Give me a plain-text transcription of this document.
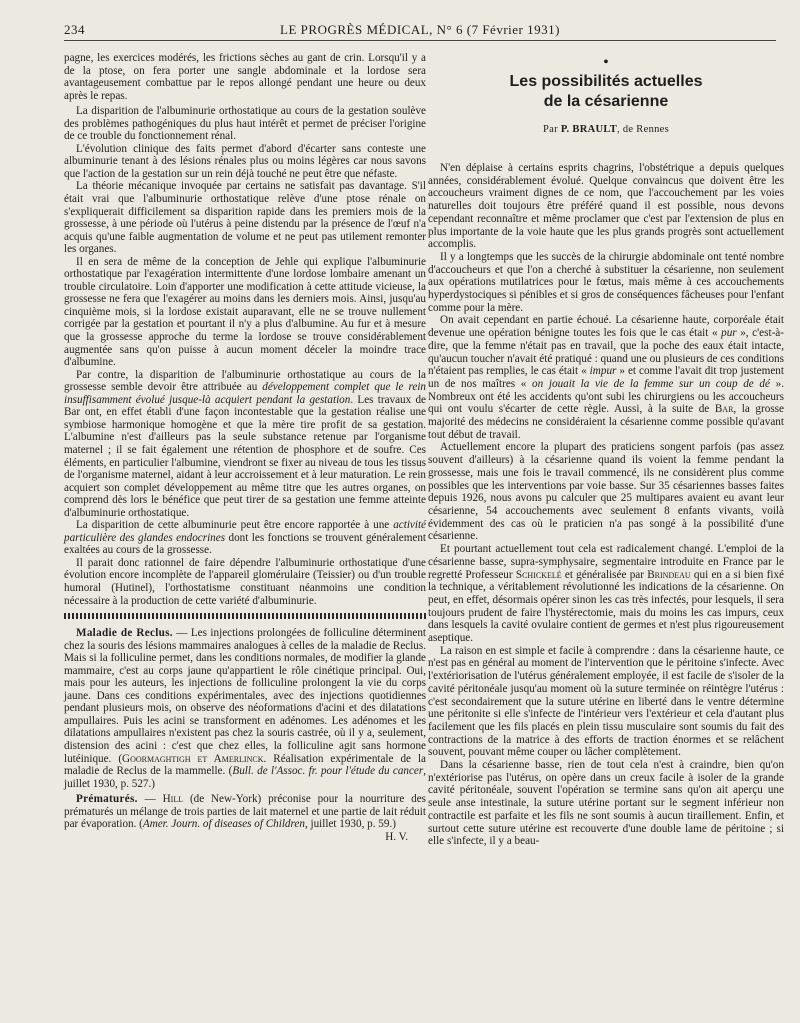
234	LE PROGRÈS MÉDICAL, N° 6 (7 Février 1931)

pagne, les exercices modérés, les frictions sèches au gant de crin. Lorsqu'il y a de la ptose, on fera porter une sangle abdominale et la lordose sera avantageusement combattue par le repos allongé pendant une heure ou deux après le repas.

La disparition de l'albuminurie orthostatique au cours de la gestation soulève des problèmes pathogéniques du plus haut intérêt et permet de préciser l'origine de ce trouble du fonctionnement rénal.

L'évolution clinique des faits permet d'abord d'écarter sans conteste une albuminurie tenant à des lésions rénales plus ou moins légères car nous savons que l'action de la gestation sur un rein déjà touché ne peut être que néfaste.

La théorie mécanique invoquée par certains ne satisfait pas davantage. S'il était vrai que l'albuminurie orthostatique relève d'une ptose rénale on s'expliquerait difficilement sa disparition rapide dans les premiers mois de la grossesse, à une période où l'utérus à peine distendu par la présence de l'œuf n'a acquis qu'une faible augmentation de volume et ne peut pas utilement remonter les organes.

Il en sera de même de la conception de Jehle qui explique l'albuminurie orthostatique par l'exagération intermittente d'une lordose lombaire amenant un trouble circulatoire. Loin d'apporter une modification à cette attitude vicieuse, la grossesse ne fera que l'exagérer au moins dans les derniers mois. Ainsi, jusqu'au cinquième mois, si la lordose existait auparavant, elle ne se trouve nullement corrigée par la gestation et pourtant il n'y a plus d'albumine. Au fur et à mesure que la grossesse approche du terme la lordose se trouve considérablement augmentée sans qu'on puisse à aucun moment déceler la moindre trace d'albumine.

Par contre, la disparition de l'albuminurie orthostatique au cours de la grossesse semble devoir être attribuée au développement complet que le rein insuffisamment évolué jusque-là acquiert pendant la gestation. Les travaux de Bar ont, en effet établi d'une façon incontestable que la gestation réalise une symbiose harmonique homogène et que la mère tire profit de sa gestation. L'albumine n'est d'ailleurs pas la seule substance retenue par l'organisme maternel ; il se fait également une rétention de phosphore et de soufre. Ces éléments, en particulier l'albumine, viendront se fixer au niveau de tous les tissus de l'organisme maternel, aidant à leur accroissement et à leur maturation. Le rein acquiert son complet développement au même titre que les autres organes, on comprend dès lors le bénéfice que peut tirer de sa gestation une femme atteinte d'albuminurie orthostatique.

La disparition de cette albuminurie peut être encore rapportée à une activité particulière des glandes endocrines dont les fonctions se trouvent généralement exaltées au cours de la grossesse.

Il parait donc rationnel de faire dépendre l'albuminurie orthostatique d'une évolution encore incomplète de l'appareil glomérulaire (Teissier) ou d'un trouble humoral (Hutinel), l'orthostatisme constituant néanmoins une condition nécessaire à la production de cette variété d'albuminurie.

Maladie de Reclus. — Les injections prolongées de folliculine déterminent chez la souris des lésions mammaires analogues à celles de la maladie de Reclus. Mais si la folliculine permet, dans les conditions normales, de modifier la glande mammaire, c'est au corps jaune qu'appartient le rôle cinétique principal. Oui, mais pour les auteurs, les injections de folliculine prolongent la vie du corps jaune. Dans ces conditions expérimentales, avec des injections quotidiennes pendant plusieurs mois, on observe des néoformations d'acini et des dilatations ampullaires. Puis les acini se transforment en adénomes. Les adénomes et les dilatations ampullaires n'existent pas chez la souris castrée, où il y a, seulement, distension des acini : c'est que chez elles, la folliculine agit sans hormone lutéinique. (Goormaghtigh et Amerlinck. Réalisation expérimentale de la maladie de Reclus de la mammelle. (Bull. de l'Assoc. fr. pour l'étude du cancer, juillet 1930, p. 527.)

Prématurés. — Hill (de New-York) préconise pour la nourriture des prématurés un mélange de trois parties de lait maternel et une partie de lait réduit par évaporation. (Amer. Journ. of diseases of Children, juillet 1930, p. 59.)
H. V.

•
Les possibilités actuelles
de la césarienne
Par P. BRAULT, de Rennes

N'en déplaise à certains esprits chagrins, l'obstétrique a depuis quelques années, considérablement évolué. Quelque convaincus que doivent être les accoucheurs vraiment dignes de ce nom, que l'accouchement par les voies naturelles doit toujours être préféré quand il est possible, nous devons cependant reconnaître et même proclamer que c'est par l'extension de plus en plus importante de la voie haute que les plus grands progrès sont actuellement accomplis.

Il y a longtemps que les succès de la chirurgie abdominale ont tenté nombre d'accoucheurs et que l'on a cherché à substituer la césarienne, non seulement aux opérations mutilatrices pour le fœtus, mais même à ces accouchements hyperdystociques si pénibles et si gros de conséquences fâcheuses pour l'enfant comme pour la mère.

On avait cependant en partie échoué. La césarienne haute, corporéale était devenue une opération bénigne toutes les fois que le cas était « pur », c'est-à-dire, que la femme n'était pas en travail, que la poche des eaux était intacte, qu'aucun toucher n'avait été pratiqué : quand une ou plusieurs de ces conditions n'étaient pas remplies, le cas était « impur » et comme l'avait dit trop justement un de nos maîtres « on jouait la vie de la femme sur un coup de dé ». Nombreux ont été les accidents qu'ont subi les chirurgiens ou les accoucheurs qui ont voulu s'écarter de cette règle. Aussi, à la suite de Bar, la grosse majorité des médecins ne considéraient la césarienne comme possible qu'avant tout début de travail.

Actuellement encore la plupart des praticiens songent parfois (pas assez souvent d'ailleurs) à la césarienne quand ils voient la femme pendant la grossesse, mais une fois le travail commencé, ils ne considèrent plus comme possibles que les interventions par voie basse. Sur 35 césariennes basses faites depuis 1926, nous avons pu calculer que 25 multipares avaient eu avant leur césarienne, 54 accouchements avec seulement 8 enfants vivants, voilà évidemment des cas où le praticien n'a pas songé à la possibilité d'une césarienne.

Et pourtant actuellement tout cela est radicalement changé. L'emploi de la césarienne basse, supra-symphysaire, segmentaire introduite en France par le regretté Professeur Schickelé et généralisée par Brindeau qui en a si bien fixé la technique, a véritablement révolutionné les indications de la césarienne. On peut, en effet, désormais opérer sinon les cas très infectés, pour lesquels, il sera toujours prudent de faire l'hystérectomie, mais du moins les cas impurs, ceux dans lesquels la cavité ovulaire contient de germes et n'est plus rigoureusement aseptique.

La raison en est simple et facile à comprendre : dans la césarienne haute, ce n'est pas en général au moment de l'intervention que le péritoine s'infecte. Avec l'extériorisation de l'utérus généralement employée, il est facile de s'isoler de la cavité péritonéale jusqu'au moment où la suture terminée on réintègre l'utérus : c'est secondairement que la suture utérine en liberté dans le ventre détermine une péritonite si elle s'infecte de l'intérieur vers l'extérieur et cela d'autant plus facilement que les fils placés en plein tissu musculaire sont soumis du fait des contractions de la matrice à des efforts de traction énormes et se relâchent souvent, pouvant même couper ou lâcher complètement.

Dans la césarienne basse, rien de tout cela n'est à craindre, bien qu'on n'extériorise pas l'utérus, on opère dans un creux facile à isoler de la grande cavité péritonéale, souvent l'opération se termine sans qu'on ait aperçu une seule anse intestinale, la suture utérine portant sur le segment inférieur non contractile est parfaite et les fils ne sont soumis à aucun tiraillement. Enfin, et surtout cette suture utérine est recouverte d'une double lame de péritoine ; si elle s'infecte, il y a beau-
